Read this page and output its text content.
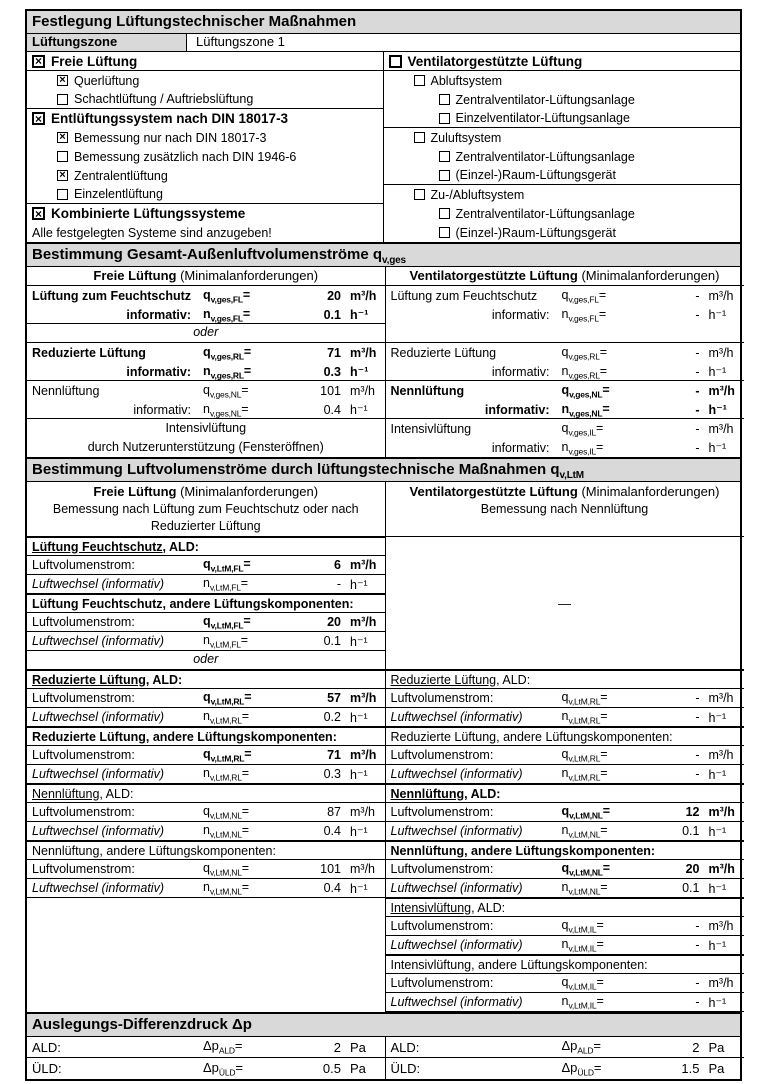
Festlegung Lüftungstechnischer Maßnahmen
Lüftungszone	Lüftungszone 1
× Freie Lüftung
× Querlüftung
Schachtlüftung / Auftriebslüftung
× Entlüftungssystem nach DIN 18017-3
× Bemessung nur nach DIN 18017-3
Bemessung zusätzlich nach DIN 1946-6
× Zentralentlüftung
Einzelentlüftung
× Kombinierte Lüftungssysteme
Alle festgelegten Systeme sind anzugeben!
Ventilatorgestützte Lüftung
Abluftsystem
Zentralventilator-Lüftungsanlage
Einzelventilator-Lüftungsanlage
Zuluftsystem
Zentralventilator-Lüftungsanlage
(Einzel-)Raum-Lüftungsgerät
Zu-/Abluftsystem
Zentralventilator-Lüftungsanlage
(Einzel-)Raum-Lüftungsgerät
Bestimmung Gesamt-Außenluftvolumenströme $q_{v,ges}$
Freie Lüftung (Minimalanforderungen)
Lüftung zum Feuchtschutz $q_{v,ges,FL}=$	20 m³/h
informativ: $n_{v,ges,FL}=$	0.1 h⁻¹
oder
Reduzierte Lüftung	$q_{v,ges,RL}=$	71 m³/h
informativ: $n_{v,ges,RL}=$	0.3 h⁻¹
Nennlüftung	$q_{v,ges,NL}=$	101 m³/h
informativ: $n_{v,ges,NL}=$	0.4 h⁻¹
Intensivlüftung
durch Nutzerunterstützung (Fensteröffnen)
Ventilatorgestützte Lüftung (Minimalanforderungen)
Lüftung zum Feuchtschutz	$q_{v,ges,FL}=$	- m³/h
informativ: $n_{v,ges,FL}=$	- h⁻¹
Reduzierte Lüftung	$q_{v,ges,RL}=$	- m³/h
informativ: $n_{v,ges,RL}=$	- h⁻¹
Nennlüftung	$q_{v,ges,NL}=$	- m³/h
informativ: $n_{v,ges,NL}=$	- h⁻¹
Intensivlüftung	$q_{v,ges,IL}=$	- m³/h
informativ: $n_{v,ges,IL}=$	- h⁻¹
Bestimmung Luftvolumenströme durch lüftungstechnische Maßnahmen $q_{v,LtM}$
Freie Lüftung (Minimalanforderungen)
Bemessung nach Lüftung zum Feuchtschutz oder nach
Reduzierter Lüftung
Lüftung Feuchtschutz , ALD:
Luftvolumenstrom:	$q_{v,LtM,FL}=$	6 m³/h
Luftwechsel (informativ)	$n_{v,LtM,FL}=$	- h⁻¹
Lüftung Feuchtschutz, andere Lüftungskomponenten:
Luftvolumenstrom:	$q_{v,LtM,FL}=$	20 m³/h
Luftwechsel (informativ)	$n_{v,LtM,FL}=$	0.1 h⁻¹
oder
Reduzierte Lüftung , ALD:
Luftvolumenstrom:	$q_{v,LtM,RL}=$	57 m³/h
Luftwechsel (informativ)	$n_{v,LtM,RL}=$	0.2 h⁻¹
Reduzierte Lüftung, andere Lüftungskomponenten:
Luftvolumenstrom:	$q_{v,LtM,RL}=$	71 m³/h
Luftwechsel (informativ)	$n_{v,LtM,RL}=$	0.3 h⁻¹
Nennlüftung , ALD:
Luftvolumenstrom:	$q_{v,LtM,NL}=$	87 m³/h
Luftwechsel (informativ)	$n_{v,LtM,NL}=$	0.4 h⁻¹
Nennlüftung, andere Lüftungskomponenten:
Luftvolumenstrom:	$q_{v,LtM,NL}=$	101 m³/h
Luftwechsel (informativ)	$n_{v,LtM,NL}=$	0.4 h⁻¹
Ventilatorgestützte Lüftung (Minimalanforderungen)
Bemessung nach Nennlüftung
—
Reduzierte Lüftung , ALD:
Luftvolumenstrom:	$q_{v,LtM,RL}=$	- m³/h
Luftwechsel (informativ)	$n_{v,LtM,RL}=$	- h⁻¹
Reduzierte Lüftung, andere Lüftungskomponenten:
Luftvolumenstrom:	$q_{v,LtM,RL}=$	- m³/h
Luftwechsel (informativ)	$n_{v,LtM,RL}=$	- h⁻¹
Nennlüftung , ALD:
Luftvolumenstrom:	$q_{v,LtM,NL}=$	12 m³/h
Luftwechsel (informativ)	$n_{v,LtM,NL}=$	0.1 h⁻¹
Nennlüftung, andere Lüftungskomponenten:
Luftvolumenstrom:	$q_{v,LtM,NL}=$	20 m³/h
Luftwechsel (informativ)	$n_{v,LtM,NL}=$	0.1 h⁻¹
Intensivlüftung , ALD:
Luftvolumenstrom:	$q_{v,LtM,IL}=$	- m³/h
Luftwechsel (informativ)	$n_{v,LtM,IL}=$	- h⁻¹
Intensivlüftung, andere Lüftungskomponenten:
Luftvolumenstrom:	$q_{v,LtM,IL}=$	- m³/h
Luftwechsel (informativ)	$n_{v,LtM,IL}=$	- h⁻¹
Auslegungs-Differenzdruck Δp
ALD:	$\Delta p_{ALD}=$	2 Pa
ÜLD:	$\Delta p_{ÜLD}=$	0.5 Pa
ALD:	$\Delta p_{ALD}=$	2 Pa
ÜLD:	$\Delta p_{ÜLD}=$	1.5 Pa
